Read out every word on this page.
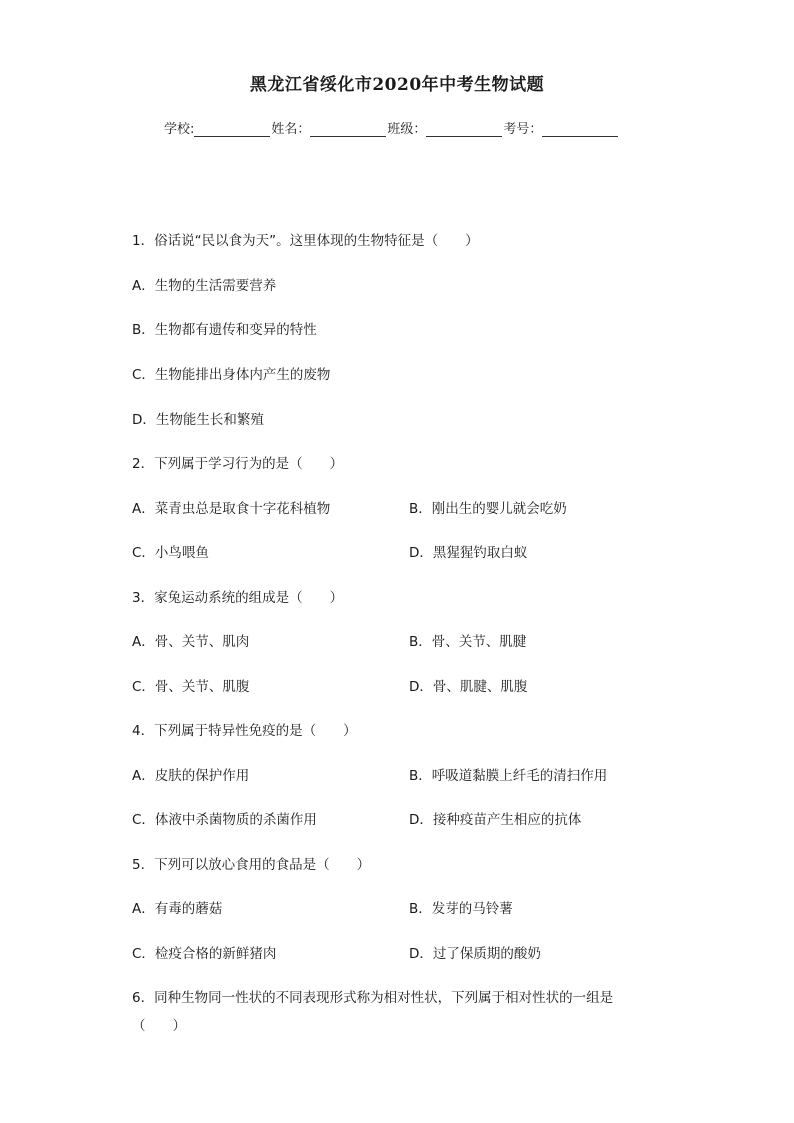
黑龙江省绥化市2020年中考生物试题
学校:	姓名：	班级：	考号：
1．俗话说“民以食为天”。这里体现的生物特征是（　　）
A．生物的生活需要营养
B．生物都有遗传和变异的特性
C．生物能排出身体内产生的废物
D．生物能生长和繁殖
2．下列属于学习行为的是（　　）
A．菜青虫总是取食十字花科植物	B．刚出生的婴儿就会吃奶
C．小鸟喂鱼	D．黑猩猩钓取白蚁
3．家兔运动系统的组成是（　　）
A．骨、关节、肌肉	B．骨、关节、肌腱
C．骨、关节、肌腹	D．骨、肌腱、肌腹
4．下列属于特异性免疫的是（　　）
A．皮肤的保护作用	B．呼吸道黏膜上纤毛的清扫作用
C．体液中杀菌物质的杀菌作用	D．接种疫苗产生相应的抗体
5．下列可以放心食用的食品是（　　）
A．有毒的蘑菇	B．发芽的马铃薯
C．检疫合格的新鲜猪肉	D．过了保质期的酸奶
6．同种生物同一性状的不同表现形式称为相对性状，下列属于相对性状的一组是（　　）
